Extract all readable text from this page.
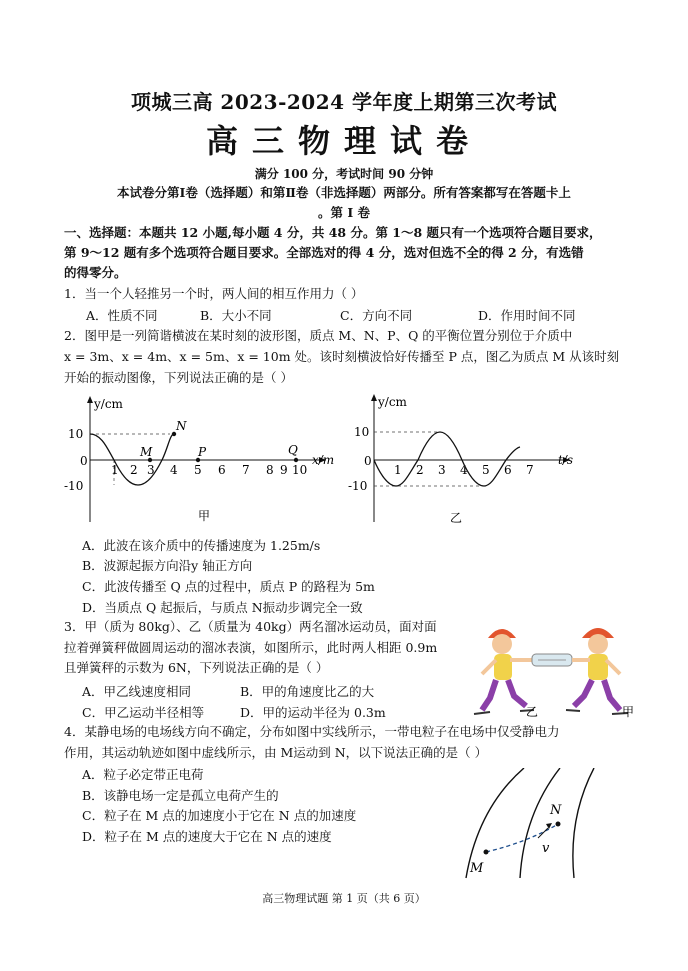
项城三高 2023-2024 学年度上期第三次考试
高三物理试卷
满分 100 分，考试时间 90 分钟
本试卷分第Ⅰ卷（选择题）和第Ⅱ卷（非选择题）两部分。所有答案都写在答题卡上
。第 Ⅰ 卷
一、选择题：本题共 12 小题,每小题 4 分，共 48 分。第 1～8 题只有一个选项符合题目要求，
第 9～12 题有多个选项符合题目要求。全部选对的得 4 分，选对但选不全的得 2 分，有选错
的得零分。
1．当一个人轻推另一个时，两人间的相互作用力（ ）
A．性质不同	B．大小不同	C．方向不同	D．作用时间不同
2．图甲是一列简谐横波在某时刻的波形图，质点 M、N、P、Q 的平衡位置分别位于介质中
x = 3m、x = 4m、x = 5m、x = 10m 处。该时刻横波恰好传播至 P 点，图乙为质点 M 从该时刻
开始的振动图像，下列说法正确的是（ ）
y/cm
x/m
10
0
-10
1 2 3 4 5 6 7 8 9 10
M
N
P	Q
甲
y/cm
t/s
10
0
-10
1 2 3 4 5 6 7
乙
A．此波在该介质中的传播速度为 1.25m/s
B．波源起振方向沿y 轴正方向
C．此波传播至 Q 点的过程中，质点 P 的路程为 5m
D．当质点 Q 起振后，与质点 N振动步调完全一致
3．甲（质为 80kg）、乙（质量为 40kg）两名溜冰运动员，面对面
拉着弹簧秤做圆周运动的溜冰表演，如图所示，此时两人相距 0.9m
且弹簧秤的示数为 6N，下列说法正确的是（ ）
A．甲乙线速度相同	B．甲的角速度比乙的大
C．甲乙运动半径相等	D．甲的运动半径为 0.3m	乙	甲
4．某静电场的电场线方向不确定，分布如图中实线所示，一带电粒子在电场中仅受静电力
作用，其运动轨迹如图中虚线所示，由 M运动到 N，以下说法正确的是（ ）
A．粒子必定带正电荷
B．该静电场一定是孤立电荷产生的
C．粒子在 M 点的加速度小于它在 N 点的加速度
D．粒子在 M 点的速度大于它在 N 点的速度
N
v
M
高三物理试题 第 1 页（共 6 页）
